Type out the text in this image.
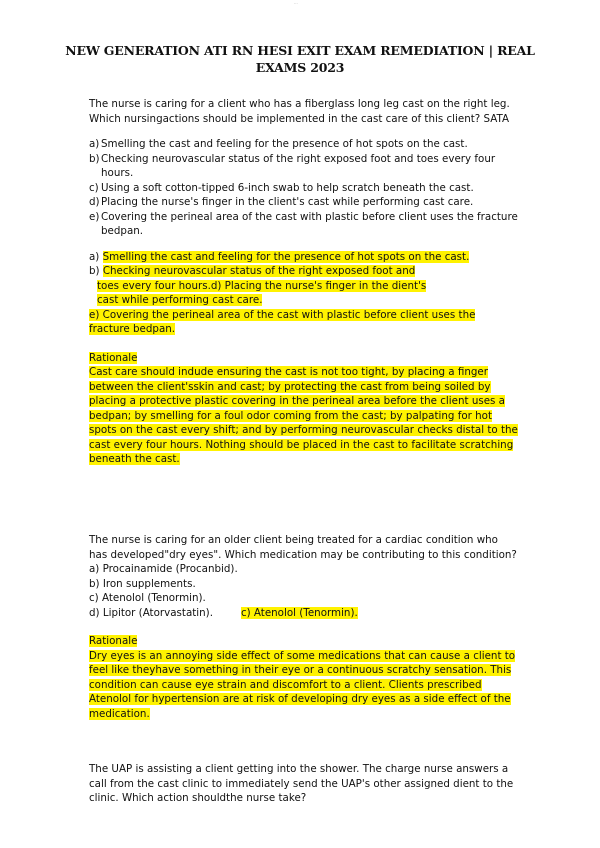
...
NEW GENERATION ATI RN HESI EXIT EXAM REMEDIATION | REAL EXAMS 2023

The nurse is caring for a client who has a fiberglass long leg cast on the right leg. Which nursingactions should be implemented in the cast care of this client? SATA

a) Smelling the cast and feeling for the presence of hot spots on the cast.
b) Checking neurovascular status of the right exposed foot and toes every four hours.
c) Using a soft cotton-tipped 6-inch swab to help scratch beneath the cast.
d) Placing the nurse's finger in the client's cast while performing cast care.
e) Covering the perineal area of the cast with plastic before client uses the fracture bedpan.
a) Smelling the cast and feeling for the presence of hot spots on the cast.
b) Checking neurovascular status of the right exposed foot and
toes every four hours.d) Placing the nurse's finger in the dient's
cast while performing cast care.
e) Covering the perineal area of the cast with plastic before client uses the
fracture bedpan.
Rationale

Cast care should indude ensuring the cast is not too tight, by placing a finger between the client'sskin and cast; by protecting the cast from being soiled by placing a protective plastic covering in the perineal area before the client uses a bedpan; by smelling for a foul odor coming from the cast; by palpating for hot spots on the cast every shift; and by performing neurovascular checks distal to the cast every four hours. Nothing should be placed in the cast to facilitate scratching beneath the cast.

The nurse is caring for an older client being treated for a cardiac condition who has developed"dry eyes". Which medication may be contributing to this condition?

a) Procainamide (Procanbid).
b) Iron supplements.
c) Atenolol (Tenormin).
d) Lipitor (Atorvastatin).	c) Atenolol (Tenormin).
Rationale

Dry eyes is an annoying side effect of some medications that can cause a client to feel like theyhave something in their eye or a continuous scratchy sensation. This condition can cause eye strain and discomfort to a client. Clients prescribed Atenolol for hypertension are at risk of developing dry eyes as a side effect of the medication.

The UAP is assisting a client getting into the shower. The charge nurse answers a call from the cast clinic to immediately send the UAP's other assigned dient to the clinic. Which action shouldthe nurse take?
